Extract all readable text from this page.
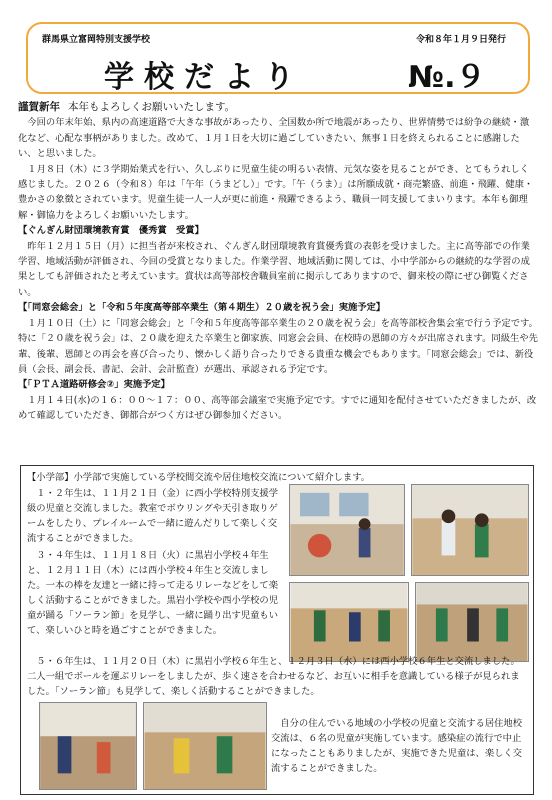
群馬県立富岡特別支援学校	令和８年１月９日発行
学校だより	№.９

謹賀新年 本年もよろしくお願いいたします。

今回の年末年始、県内の高速道路で大きな事故があったり、全国数か所で地震があったり、世界情勢では紛争の継続・激化など、心配な事柄がありました。改めて、１月１日を大切に過ごしていきたい、無事１日を終えられることに感謝したい、と思いました。

１月８日（木）に３学期始業式を行い、久しぶりに児童生徒の明るい表情、元気な姿を見ることができ、とてもうれしく感じました。２０２６（令和８）年は「午年（うまどし）」です。「午（うま）」は所願成就・商売繁盛、前進・飛躍、健康・豊かさの象徴とされています。児童生徒一人一人が更に前進・飛躍できるよう、職員一同支援してまいります。本年も御理解・御協力をよろしくお願いいたします。

【ぐんぎん財団環境教育賞　優秀賞　受賞】

昨年１２月１５日（月）に担当者が来校され、ぐんぎん財団環境教育賞優秀賞の表彰を受けました。主に高等部での作業学習、地域活動が評価され、今回の受賞となりました。作業学習、地域活動に関しては、小中学部からの継続的な学習の成果としても評価されたと考えています。賞状は高等部校舎職員室前に掲示してありますので、御来校の際にぜひ御覧ください。

【「同窓会総会」と「令和５年度高等部卒業生（第４期生）２０歳を祝う会」実施予定】

１月１０日（土）に「同窓会総会」と「令和５年度高等部卒業生の２０歳を祝う会」を高等部校舎集会室で行う予定です。特に「２０歳を祝う会」は、２０歳を迎えた卒業生と御家族、同窓会会員、在校時の恩師の方々が出席されます。同級生や先輩、後輩、恩師との再会を喜び合ったり、懐かしく語り合ったりできる貴重な機会でもあります。「同窓会総会」では、新役員（会長、副会長、書記、会計、会計監査）が選出、承認される予定です。

【「ＰＴＡ道路研修会②」実施予定】

１月１４日(水)の１６：００～１７：００、高等部会議室で実施予定です。すでに通知を配付させていただきましたが、改めて確認していただき、御都合がつく方はぜひ御参加ください。

【小学部】小学部で実施している学校間交流や居住地校交流について紹介します。
１・２年生は、１１月２１日（金）に西小学校特別支援学級の児童と交流しました。教室でボウリングや天引き取りゲームをしたり、プレイルームで一緒に遊んだりして楽しく交流することができました。
３・４年生は、１１月１８日（火）に黒岩小学校４年生と、１２月１１日（木）には西小学校４年生と交流しました。一本の棒を友達と一緒に持って走るリレーなどをして楽しく活動することができました。黒岩小学校や西小学校の児童が踊る「ソーラン節」を見学し、一緒に踊り出す児童もいて、楽しいひと時を過ごすことができました。
５・６年生は、１１月２０日（木）に黒岩小学校６年生と、１２月３日（水）には西小学校６年生と交流しました。二人一組でボールを運ぶリレーをしましたが、歩く速さを合わせるなど、お互いに相手を意識している様子が見られました。「ソーラン節」も見学して、楽しく活動することができました。
自分の住んでいる地域の小学校の児童と交流する居住地校交流は、６名の児童が実施しています。感染症の流行で中止になったこともありましたが、実施できた児童は、楽しく交流することができました。
